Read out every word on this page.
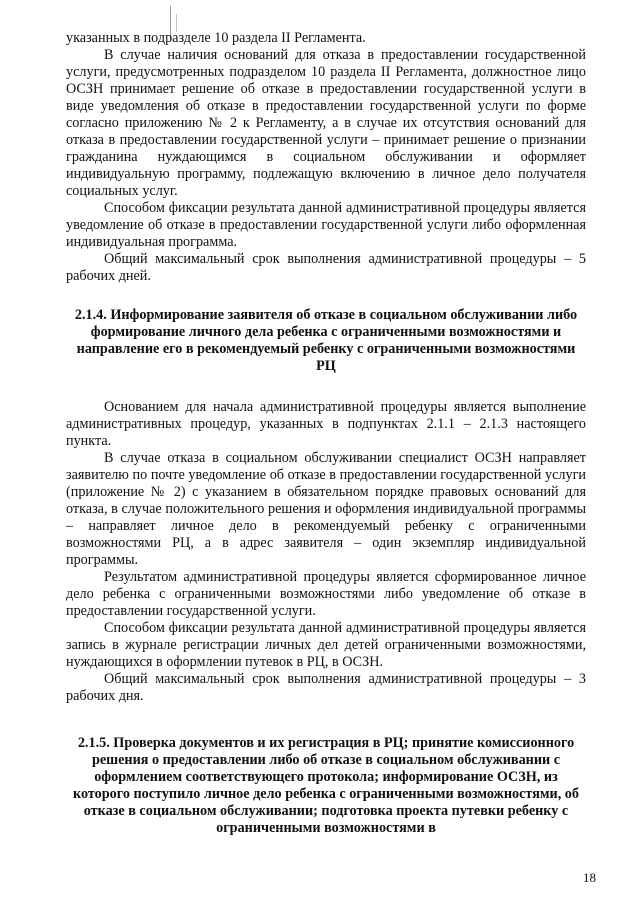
указанных в подразделе 10 раздела II Регламента.

В случае наличия оснований для отказа в предоставлении государственной услуги, предусмотренных подразделом 10 раздела II Регламента, должностное лицо ОСЗН принимает решение об отказе в предоставлении государственной услуги в виде уведомления об отказе в предоставлении государственной услуги по форме согласно приложению № 2 к Регламенту, а в случае их отсутствия оснований для отказа в предоставлении государственной услуги – принимает решение о признании гражданина нуждающимся в социальном обслуживании и оформляет индивидуальную программу, подлежащую включению в личное дело получателя социальных услуг.

Способом фиксации результата данной административной процедуры является уведомление об отказе в предоставлении государственной услуги либо оформленная индивидуальная программа.

Общий максимальный срок выполнения административной процедуры – 5 рабочих дней.

2.1.4. Информирование заявителя об отказе в социальном обслуживании либо формирование личного дела ребенка с ограниченными возможностями и направление его в рекомендуемый ребенку с ограниченными возможностями РЦ

Основанием для начала административной процедуры является выполнение административных процедур, указанных в подпунктах 2.1.1 – 2.1.3 настоящего пункта.

В случае отказа в социальном обслуживании специалист ОСЗН направляет заявителю по почте уведомление об отказе в предоставлении государственной услуги (приложение № 2) с указанием в обязательном порядке правовых оснований для отказа, в случае положительного решения и оформления индивидуальной программы – направляет личное дело в рекомендуемый ребенку с ограниченными возможностями РЦ, а в адрес заявителя – один экземпляр индивидуальной программы.

Результатом административной процедуры является сформированное личное дело ребенка с ограниченными возможностями либо уведомление об отказе в предоставлении государственной услуги.

Способом фиксации результата данной административной процедуры является запись в журнале регистрации личных дел детей ограниченными возможностями, нуждающихся в оформлении путевок в РЦ, в ОСЗН.

Общий максимальный срок выполнения административной процедуры – 3 рабочих дня.

2.1.5. Проверка документов и их регистрация в РЦ; принятие комиссионного решения о предоставлении либо об отказе в социальном обслуживании с оформлением соответствующего протокола; информирование ОСЗН, из которого поступило личное дело ребенка с ограниченными возможностями, об отказе в социальном обслуживании; подготовка проекта путевки ребенку с ограниченными возможностями в
18
